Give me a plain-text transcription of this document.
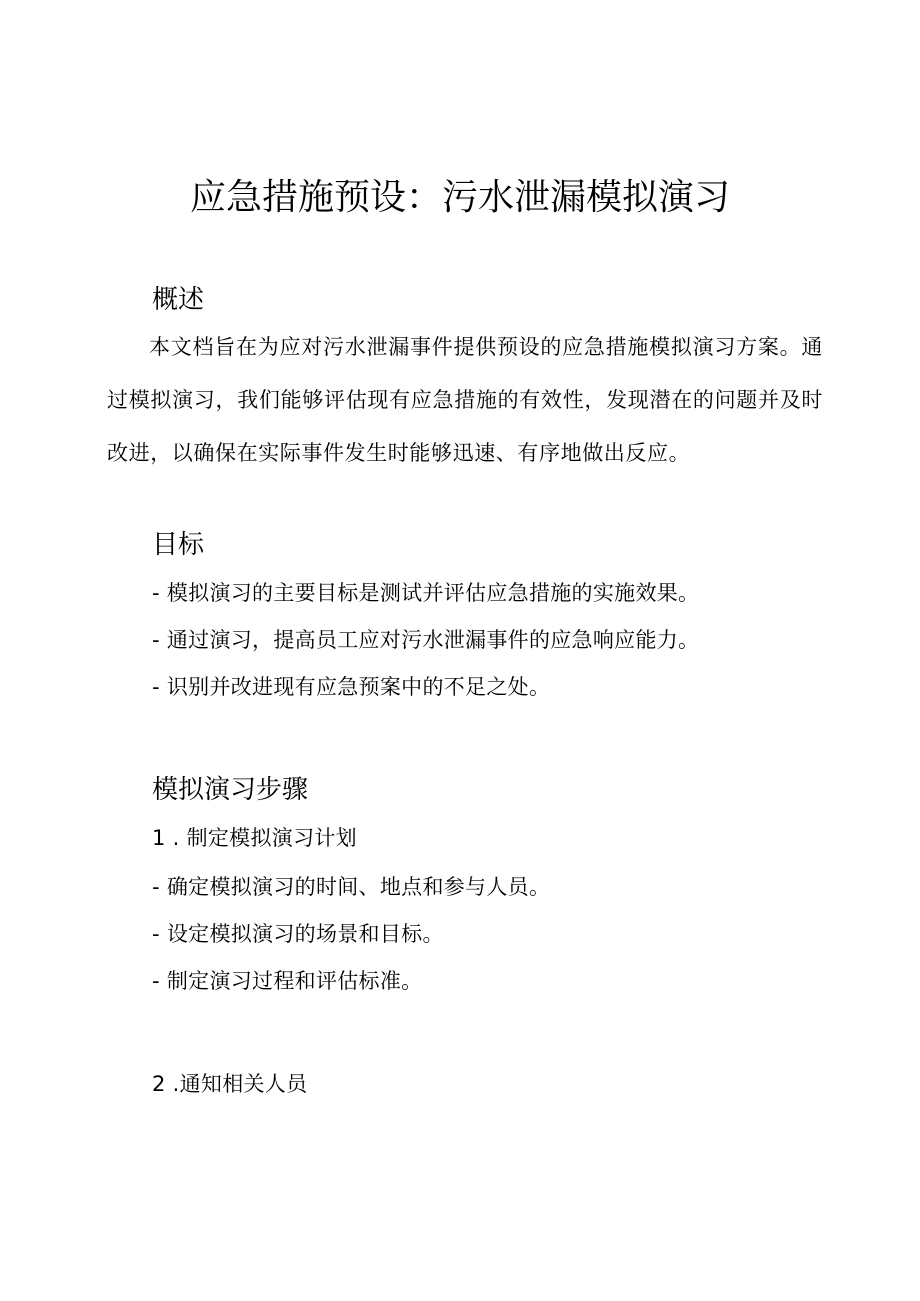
应急措施预设：污水泄漏模拟演习
概述

本文档旨在为应对污水泄漏事件提供预设的应急措施模拟演习方案。通过模拟演习，我们能够评估现有应急措施的有效性，发现潜在的问题并及时改进，以确保在实际事件发生时能够迅速、有序地做出反应。

目标

- 模拟演习的主要目标是测试并评估应急措施的实施效果。

- 通过演习，提高员工应对污水泄漏事件的应急响应能力。

- 识别并改进现有应急预案中的不足之处。

模拟演习步骤

1 . 制定模拟演习计划

- 确定模拟演习的时间、地点和参与人员。

- 设定模拟演习的场景和目标。

- 制定演习过程和评估标准。

2 .通知相关人员
